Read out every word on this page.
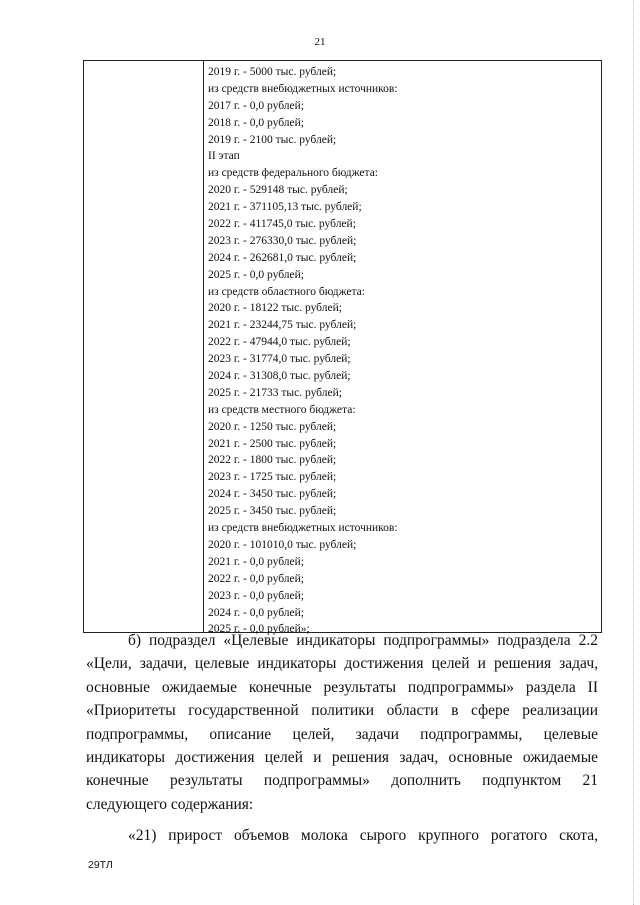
21
2019 г. - 5000 тыс. рублей;
из средств внебюджетных источников:
2017 г. - 0,0 рублей;
2018 г. - 0,0 рублей;
2019 г. - 2100 тыс. рублей;
II этап
из средств федерального бюджета:
2020 г. - 529148 тыс. рублей;
2021 г. - 371105,13 тыс. рублей;
2022 г. - 411745,0 тыс. рублей;
2023 г. - 276330,0 тыс. рублей;
2024 г. - 262681,0 тыс. рублей;
2025 г. - 0,0 рублей;
из средств областного бюджета:
2020 г. - 18122 тыс. рублей;
2021 г. - 23244,75 тыс. рублей;
2022 г. - 47944,0 тыс. рублей;
2023 г. - 31774,0 тыс. рублей;
2024 г. - 31308,0 тыс. рублей;
2025 г. - 21733 тыс. рублей;
из средств местного бюджета:
2020 г. - 1250 тыс. рублей;
2021 г. - 2500 тыс. рублей;
2022 г. - 1800 тыс. рублей;
2023 г. - 1725 тыс. рублей;
2024 г. - 3450 тыс. рублей;
2025 г. - 3450 тыс. рублей;
из средств внебюджетных источников:
2020 г. - 101010,0 тыс. рублей;
2021 г. - 0,0 рублей;
2022 г. - 0,0 рублей;
2023 г. - 0,0 рублей;
2024 г. - 0,0 рублей;
2025 г. - 0,0 рублей»;
б) подраздел «Целевые индикаторы подпрограммы» подраздела 2.2
«Цели, задачи, целевые индикаторы достижения целей и решения задач,
основные ожидаемые конечные результаты подпрограммы» раздела II
«Приоритеты государственной политики области в сфере реализации
подпрограммы, описание целей, задачи подпрограммы, целевые
индикаторы достижения целей и решения задач, основные ожидаемые
конечные результаты подпрограммы» дополнить подпунктом 21
следующего содержания:
«21) прирост объемов молока сырого крупного рогатого скота,
29ТЛ
